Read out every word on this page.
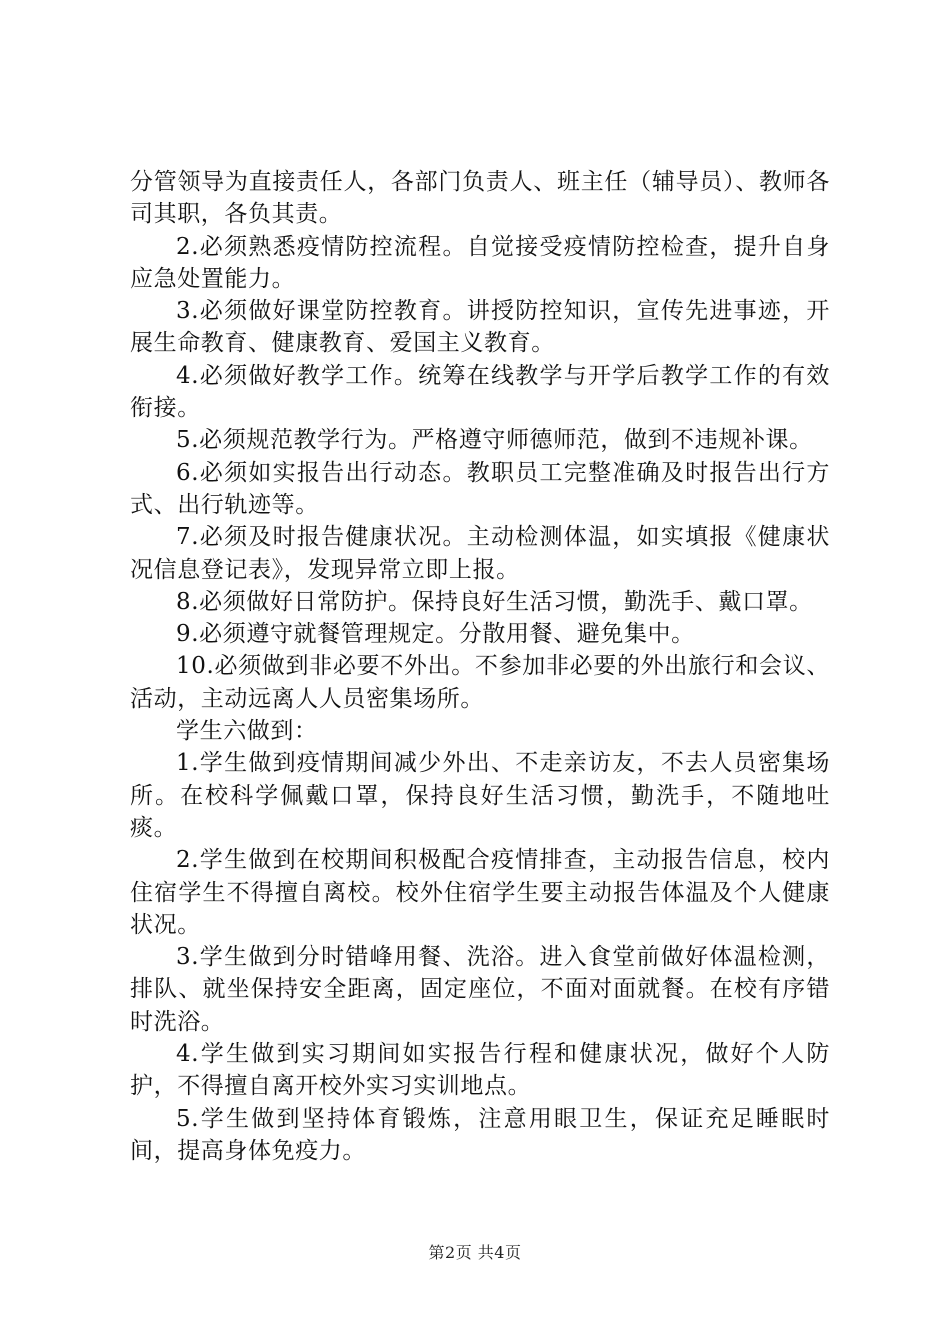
分管领导为直接责任人，各部门负责人、班主任（辅导员）、教师各司其职，各负其责。

2.必须熟悉疫情防控流程。自觉接受疫情防控检查，提升自身应急处置能力。

3.必须做好课堂防控教育。讲授防控知识，宣传先进事迹，开展生命教育、健康教育、爱国主义教育。

4.必须做好教学工作。统筹在线教学与开学后教学工作的有效衔接。

5.必须规范教学行为。严格遵守师德师范，做到不违规补课。

6.必须如实报告出行动态。教职员工完整准确及时报告出行方式、出行轨迹等。

7.必须及时报告健康状况。主动检测体温，如实填报《健康状况信息登记表》，发现异常立即上报。

8.必须做好日常防护。保持良好生活习惯，勤洗手、戴口罩。

9.必须遵守就餐管理规定。分散用餐、避免集中。

10.必须做到非必要不外出。不参加非必要的外出旅行和会议、活动，主动远离人人员密集场所。

学生六做到：

1.学生做到疫情期间减少外出、不走亲访友，不去人员密集场所。在校科学佩戴口罩，保持良好生活习惯，勤洗手，不随地吐痰。

2.学生做到在校期间积极配合疫情排查，主动报告信息，校内住宿学生不得擅自离校。校外住宿学生要主动报告体温及个人健康状况。

3.学生做到分时错峰用餐、洗浴。进入食堂前做好体温检测，排队、就坐保持安全距离，固定座位，不面对面就餐。在校有序错时洗浴。

4.学生做到实习期间如实报告行程和健康状况，做好个人防护，不得擅自离开校外实习实训地点。

5.学生做到坚持体育锻炼，注意用眼卫生，保证充足睡眠时间，提高身体免疫力。

第2页 共4页
